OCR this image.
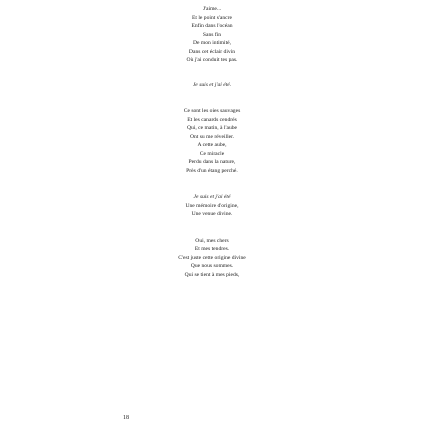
J'aime...
Et le point s'ancre
Enfin dans l'océan
Sans fin
De mon intimité,
Dans cet éclair divin
Où j'ai conduit tes pas.
Je suis et j'ai été.
Ce sont les oies sauvages
Et les canards cendrés
Qui, ce matin, à l'aube
Ont su me réveiller.
A cette aube,
Ce miracle
Perdu dans la nature,
Près d'un étang perché.
Je suis et j'ai été
Une mémoire d'origine,
Une venue divine.
Oui, mes chers
Et mes tendres.
C'est juste cette origine divine
Que nous sommes.
Qui se tient à mes pieds,
18
